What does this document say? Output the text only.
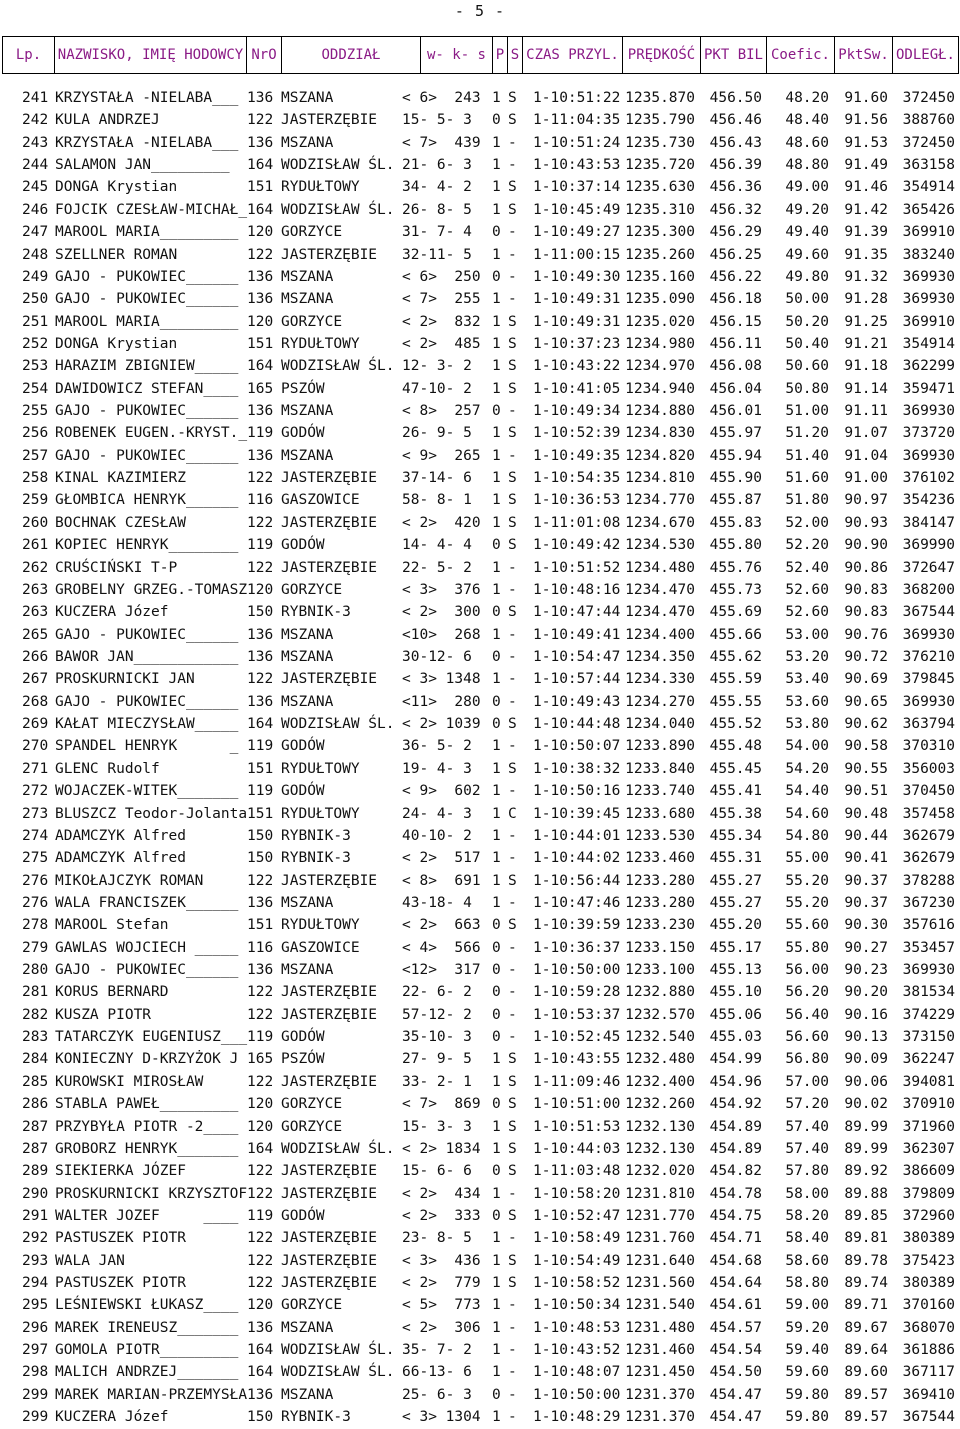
- 5 -
Lp.	NAZWISKO, IMIĘ HODOWCY NrO	ODDZIAŁ	w- k- s P S CZAS PRZYL. PRĘDKOŚĆ PKT BIL Coefic. PktSw. ODLEGŁ.
241 KRZYSTAŁA -NIELABA___ 136 MSZANA	< 6>  243 1 S 1-10:51:22 1235.870	456.50	48.20	91.60	372450
242 KULA ANDRZEJ	122 JASTERZĘBIE	15- 5- 3	0 S 1-11:04:35 1235.790	456.46	48.40	91.56	388760
243 KRZYSTAŁA -NIELABA___ 136 MSZANA	< 7>  439 1 - 1-10:51:24 1235.730	456.43	48.60	91.53	372450
244 SALAMON JAN_________	164 WODZISŁAW ŚL. 21- 6- 3	1 - 1-10:43:53 1235.720	456.39	48.80	91.49	363158
245 DONGA Krystian	151 RYDUŁTOWY	34- 4- 2	1 S 1-10:37:14 1235.630	456.36	49.00	91.46	354914
246 FOJCIK CZESŁAW-MICHAŁ_ 164 WODZISŁAW ŚL. 26- 8- 5	1 S 1-10:45:49 1235.310	456.32	49.20	91.42	365426
247 MAROOL MARIA_________ 120 GORZYCE	31- 7- 4	0 - 1-10:49:27 1235.300	456.29	49.40	91.39	369910
248 SZELLNER ROMAN	122 JASTERZĘBIE	32-11- 5	1 - 1-11:00:15 1235.260	456.25	49.60	91.35	383240
249 GAJO - PUKOWIEC______ 136 MSZANA	< 6>  250 0 - 1-10:49:30 1235.160	456.22	49.80	91.32	369930
250 GAJO - PUKOWIEC______ 136 MSZANA	< 7>  255 1 - 1-10:49:31 1235.090	456.18	50.00	91.28	369930
251 MAROOL MARIA_________ 120 GORZYCE	< 2>  832 1 S 1-10:49:31 1235.020	456.15	50.20	91.25	369910
252 DONGA Krystian	151 RYDUŁTOWY	< 2>  485 1 S 1-10:37:23 1234.980	456.11	50.40	91.21	354914
253 HARAZIM ZBIGNIEW_____ 164 WODZISŁAW ŚL. 12- 3- 2	1 S 1-10:43:22 1234.970	456.08	50.60	91.18	362299
254 DAWIDOWICZ STEFAN____ 165 PSZÓW	47-10- 2	1 S 1-10:41:05 1234.940	456.04	50.80	91.14	359471
255 GAJO - PUKOWIEC______ 136 MSZANA	< 8>  257 0 - 1-10:49:34 1234.880	456.01	51.00	91.11	369930
256 ROBENEK EUGEN.-KRYST._ 119 GODÓW	26- 9- 5	1 S 1-10:52:39 1234.830	455.97	51.20	91.07	373720
257 GAJO - PUKOWIEC______ 136 MSZANA	< 9>  265 1 - 1-10:49:35 1234.820	455.94	51.40	91.04	369930
258 KINAL KAZIMIERZ	122 JASTERZĘBIE	37-14- 6	1 S 1-10:54:35 1234.810	455.90	51.60	91.00	376102
259 GŁOMBICA HENRYK______ 116 GASZOWICE	58- 8- 1	1 S 1-10:36:53 1234.770	455.87	51.80	90.97	354236
260 BOCHNAK CZESŁAW	122 JASTERZĘBIE	< 2>  420 1 S 1-11:01:08 1234.670	455.83	52.00	90.93	384147
261 KOPIEC HENRYK________ 119 GODÓW	14- 4- 4	0 S 1-10:49:42 1234.530	455.80	52.20	90.90	369990
262 CRUŚCIŃSKI T-P	122 JASTERZĘBIE	22- 5- 2	1 - 1-10:51:52 1234.480	455.76	52.40	90.86	372647
263 GROBELNY GRZEG.-TOMASZ 120 GORZYCE	< 3>  376 1 - 1-10:48:16 1234.470	455.73	52.60	90.83	368200
263 KUCZERA Józef	150 RYBNIK-3	< 2>  300 0 S 1-10:47:44 1234.470	455.69	52.60	90.83	367544
265 GAJO - PUKOWIEC______ 136 MSZANA	<10>  268 1 - 1-10:49:41 1234.400	455.66	53.00	90.76	369930
266 BAWOR JAN____________ 136 MSZANA	30-12- 6	0 - 1-10:54:47 1234.350	455.62	53.20	90.72	376210
267 PROSKURNICKI JAN	122 JASTERZĘBIE	< 3> 1348 1 - 1-10:57:44 1234.330	455.59	53.40	90.69	379845
268 GAJO - PUKOWIEC______ 136 MSZANA	<11>  280 0 - 1-10:49:43 1234.270	455.55	53.60	90.65	369930
269 KAŁAT MIECZYSŁAW_____ 164 WODZISŁAW ŚL. < 2> 1039 0 S 1-10:44:48 1234.040	455.52	53.80	90.62	363794
270 SPANDEL HENRYK      _ 119 GODÓW	36- 5- 2	1 - 1-10:50:07 1233.890	455.48	54.00	90.58	370310
271 GLENC Rudolf	151 RYDUŁTOWY	19- 4- 3	1 S 1-10:38:32 1233.840	455.45	54.20	90.55	356003
272 WOJACZEK-WITEK_______ 119 GODÓW	< 9>  602 1 - 1-10:50:16 1233.740	455.41	54.40	90.51	370450
273 BLUSZCZ Teodor-Jolanta 151 RYDUŁTOWY	24- 4- 3	1 C 1-10:39:45 1233.680	455.38	54.60	90.48	357458
274 ADAMCZYK Alfred	150 RYBNIK-3	40-10- 2	1 - 1-10:44:01 1233.530	455.34	54.80	90.44	362679
275 ADAMCZYK Alfred	150 RYBNIK-3	< 2>  517 1 - 1-10:44:02 1233.460	455.31	55.00	90.41	362679
276 MIKOŁAJCZYK ROMAN	122 JASTERZĘBIE	< 8>  691 1 S 1-10:56:44 1233.280	455.27	55.20	90.37	378288
276 WALA FRANCISZEK______ 136 MSZANA	43-18- 4	1 - 1-10:47:46 1233.280	455.27	55.20	90.37	367230
278 MAROOL Stefan	151 RYDUŁTOWY	< 2>  663 0 S 1-10:39:59 1233.230	455.20	55.60	90.30	357616
279 GAWLAS WOJCIECH _____ 116 GASZOWICE	< 4>  566 0 - 1-10:36:37 1233.150	455.17	55.80	90.27	353457
280 GAJO - PUKOWIEC______ 136 MSZANA	<12>  317 0 - 1-10:50:00 1233.100	455.13	56.00	90.23	369930
281 KORUS BERNARD	122 JASTERZĘBIE	22- 6- 2	0 - 1-10:59:28 1232.880	455.10	56.20	90.20	381534
282 KUSZA PIOTR	122 JASTERZĘBIE	57-12- 2	0 - 1-10:53:37 1232.570	455.06	56.40	90.16	374229
283 TATARCZYK EUGENIUSZ___ 119 GODÓW	35-10- 3	0 - 1-10:52:45 1232.540	455.03	56.60	90.13	373150
284 KONIECZNY D-KRZYŻOK J 165 PSZÓW	27- 9- 5	1 S 1-10:43:55 1232.480	454.99	56.80	90.09	362247
285 KUROWSKI MIROSŁAW	122 JASTERZĘBIE	33- 2- 1	1 S 1-11:09:46 1232.400	454.96	57.00	90.06	394081
286 STABLA PAWEŁ_________ 120 GORZYCE	< 7>  869 0 S 1-10:51:00 1232.260	454.92	57.20	90.02	370910
287 PRZYBYŁA PIOTR -2____ 120 GORZYCE	15- 3- 3	1 S 1-10:51:53 1232.130	454.89	57.40	89.99	371960
287 GROBORZ HENRYK_______ 164 WODZISŁAW ŚL. < 2> 1834 1 S 1-10:44:03 1232.130	454.89	57.40	89.99	362307
289 SIEKIERKA JÓZEF	122 JASTERZĘBIE	15- 6- 6	0 S 1-11:03:48 1232.020	454.82	57.80	89.92	386609
290 PROSKURNICKI KRZYSZTOF 122 JASTERZĘBIE	< 2>  434 1 - 1-10:58:20 1231.810	454.78	58.00	89.88	379809
291 WALTER JOZEF     ____ 119 GODÓW	< 2>  333 0 S 1-10:52:47 1231.770	454.75	58.20	89.85	372960
292 PASTUSZEK PIOTR	122 JASTERZĘBIE	23- 8- 5	1 - 1-10:58:49 1231.760	454.71	58.40	89.81	380389
293 WALA JAN	122 JASTERZĘBIE	< 3>  436 1 S 1-10:54:49 1231.640	454.68	58.60	89.78	375423
294 PASTUSZEK PIOTR	122 JASTERZĘBIE	< 2>  779 1 S 1-10:58:52 1231.560	454.64	58.80	89.74	380389
295 LEŚNIEWSKI ŁUKASZ____ 120 GORZYCE	< 5>  773 1 - 1-10:50:34 1231.540	454.61	59.00	89.71	370160
296 MAREK IRENEUSZ_______ 136 MSZANA	< 2>  306 1 - 1-10:48:53 1231.480	454.57	59.20	89.67	368070
297 GOMOLA PIOTR_________ 164 WODZISŁAW ŚL. 35- 7- 2	1 - 1-10:43:52 1231.460	454.54	59.40	89.64	361886
298 MALICH ANDRZEJ_______ 164 WODZISŁAW ŚL. 66-13- 6	1 - 1-10:48:07 1231.450	454.50	59.60	89.60	367117
299 MAREK MARIAN-PRZEMYSŁA 136 MSZANA	25- 6- 3	0 - 1-10:50:00 1231.370	454.47	59.80	89.57	369410
299 KUCZERA Józef	150 RYBNIK-3	< 3> 1304 1 - 1-10:48:29 1231.370	454.47	59.80	89.57	367544
